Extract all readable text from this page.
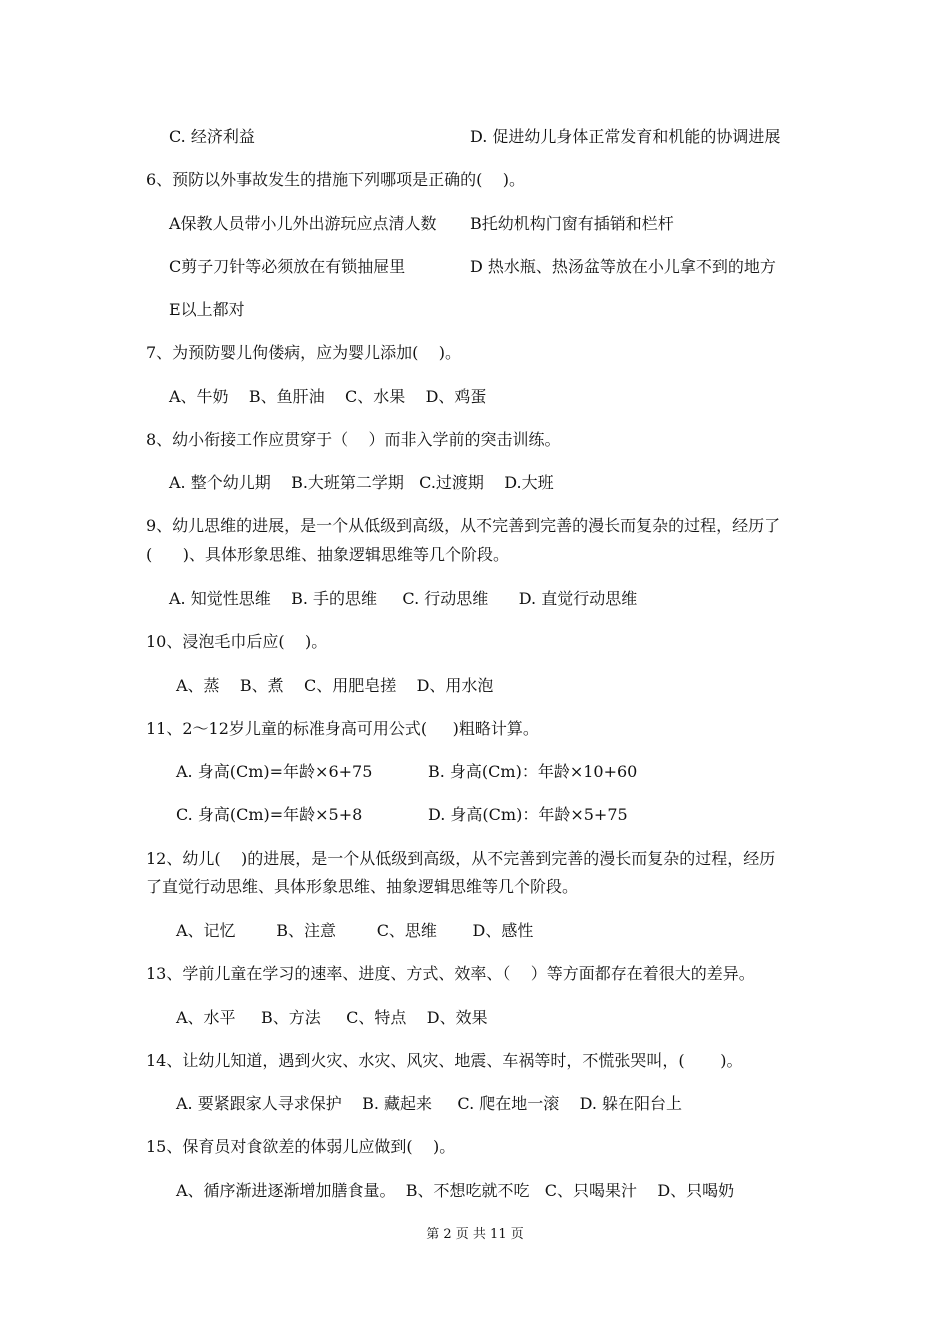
C. 经济利益	D. 促进幼儿身体正常发育和机能的协调进展
6、预防以外事故发生的措施下列哪项是正确的(    )。
A保教人员带小儿外出游玩应点清人数 B托幼机构门窗有插销和栏杆
C剪子刀针等必须放在有锁抽屉里	D 热水瓶、热汤盆等放在小儿拿不到的地方
E以上都对
7、为预防婴儿佝偻病，应为婴儿添加(    )。
A、牛奶    B、鱼肝油    C、水果    D、鸡蛋
8、幼小衔接工作应贯穿于（    ）而非入学前的突击训练。
A. 整个幼儿期    B.大班第二学期   C.过渡期    D.大班
9、幼儿思维的进展，是一个从低级到高级，从不完善到完善的漫长而复杂的过程，经历了
(      )、具体形象思维、抽象逻辑思维等几个阶段。
A. 知觉性思维    B. 手的思维     C. 行动思维      D. 直觉行动思维
10、浸泡毛巾后应(    )。
A、蒸    B、煮    C、用肥皂搓    D、用水泡
11、2～12岁儿童的标准身高可用公式(     )粗略计算。
A. 身高(Cm)=年龄×6+75	B. 身高(Cm)：年龄×10+60
C. 身高(Cm)=年龄×5+8	D. 身高(Cm)：年龄×5+75
12、幼儿(    )的进展，是一个从低级到高级，从不完善到完善的漫长而复杂的过程，经历
了直觉行动思维、具体形象思维、抽象逻辑思维等几个阶段。
A、记忆        B、注意        C、思维       D、感性
13、学前儿童在学习的速率、进度、方式、效率、（    ）等方面都存在着很大的差异。
A、水平     B、方法     C、特点    D、效果
14、让幼儿知道，遇到火灾、水灾、风灾、地震、车祸等时，不慌张哭叫，(       )。
A. 要紧跟家人寻求保护    B. 藏起来     C. 爬在地一滚    D. 躲在阳台上
15、保育员对食欲差的体弱儿应做到(    )。
A、循序渐进逐渐增加膳食量。  B、不想吃就不吃   C、只喝果汁    D、只喝奶
第 2 页 共 11 页
